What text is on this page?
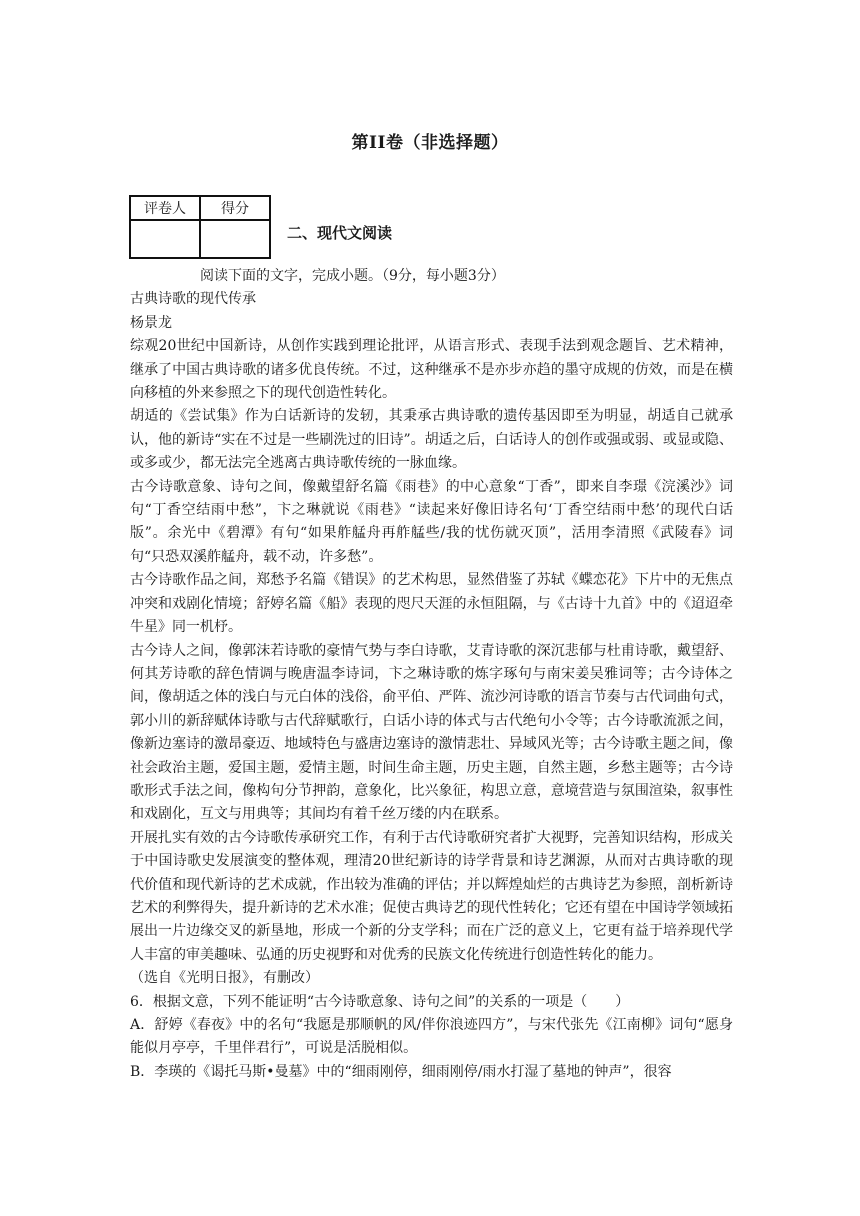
第II卷（非选择题）
评卷人	得分

二、现代文阅读

阅读下面的文字，完成小题。（9分，每小题3分）

古典诗歌的现代传承

杨景龙

综观20世纪中国新诗，从创作实践到理论批评，从语言形式、表现手法到观念题旨、艺术精神，继承了中国古典诗歌的诸多优良传统。不过，这种继承不是亦步亦趋的墨守成规的仿效，而是在横向移植的外来参照之下的现代创造性转化。

胡适的《尝试集》作为白话新诗的发轫，其秉承古典诗歌的遗传基因即至为明显，胡适自己就承认，他的新诗“实在不过是一些刷洗过的旧诗”。胡适之后，白话诗人的创作或强或弱、或显或隐、或多或少，都无法完全逃离古典诗歌传统的一脉血缘。

古今诗歌意象、诗句之间，像戴望舒名篇《雨巷》的中心意象“丁香”，即来自李璟《浣溪沙》词句“丁香空结雨中愁”，卞之琳就说《雨巷》“读起来好像旧诗名句‘丁香空结雨中愁’的现代白话版”。余光中《碧潭》有句“如果舴艋舟再舴艋些/我的忧伤就灭顶”，活用李清照《武陵春》词句“只恐双溪舴艋舟，载不动，许多愁”。

古今诗歌作品之间，郑愁予名篇《错误》的艺术构思，显然借鉴了苏轼《蝶恋花》下片中的无焦点冲突和戏剧化情境；舒婷名篇《船》表现的咫尺天涯的永恒阻隔，与《古诗十九首》中的《迢迢牵牛星》同一机杼。

古今诗人之间，像郭沫若诗歌的豪情气势与李白诗歌，艾青诗歌的深沉悲郁与杜甫诗歌，戴望舒、何其芳诗歌的辞色情调与晚唐温李诗词，卞之琳诗歌的炼字琢句与南宋姜吴雅词等；古今诗体之间，像胡适之体的浅白与元白体的浅俗，俞平伯、严阵、流沙河诗歌的语言节奏与古代词曲句式，郭小川的新辞赋体诗歌与古代辞赋歌行，白话小诗的体式与古代绝句小令等；古今诗歌流派之间，像新边塞诗的激昂豪迈、地域特色与盛唐边塞诗的激情悲壮、异域风光等；古今诗歌主题之间，像社会政治主题，爱国主题，爱情主题，时间生命主题，历史主题，自然主题，乡愁主题等；古今诗歌形式手法之间，像构句分节押韵，意象化，比兴象征，构思立意，意境营造与氛围渲染，叙事性和戏剧化，互文与用典等；其间均有着千丝万缕的内在联系。

开展扎实有效的古今诗歌传承研究工作，有利于古代诗歌研究者扩大视野，完善知识结构，形成关于中国诗歌史发展演变的整体观，理清20世纪新诗的诗学背景和诗艺渊源，从而对古典诗歌的现代价值和现代新诗的艺术成就，作出较为准确的评估；并以辉煌灿烂的古典诗艺为参照，剖析新诗艺术的利弊得失，提升新诗的艺术水准；促使古典诗艺的现代性转化；它还有望在中国诗学领域拓展出一片边缘交叉的新垦地，形成一个新的分支学科；而在广泛的意义上，它更有益于培养现代学人丰富的审美趣味、弘通的历史视野和对优秀的民族文化传统进行创造性转化的能力。

（选自《光明日报》，有删改）

6．根据文意，下列不能证明“古今诗歌意象、诗句之间”的关系的一项是（　　）

A．舒婷《春夜》中的名句“我愿是那顺帆的风/伴你浪迹四方”，与宋代张先《江南柳》词句“愿身能似月亭亭，千里伴君行”，可说是活脱相似。

B．李瑛的《谒托马斯•曼墓》中的“细雨刚停，细雨刚停/雨水打湿了墓地的钟声”，很容
